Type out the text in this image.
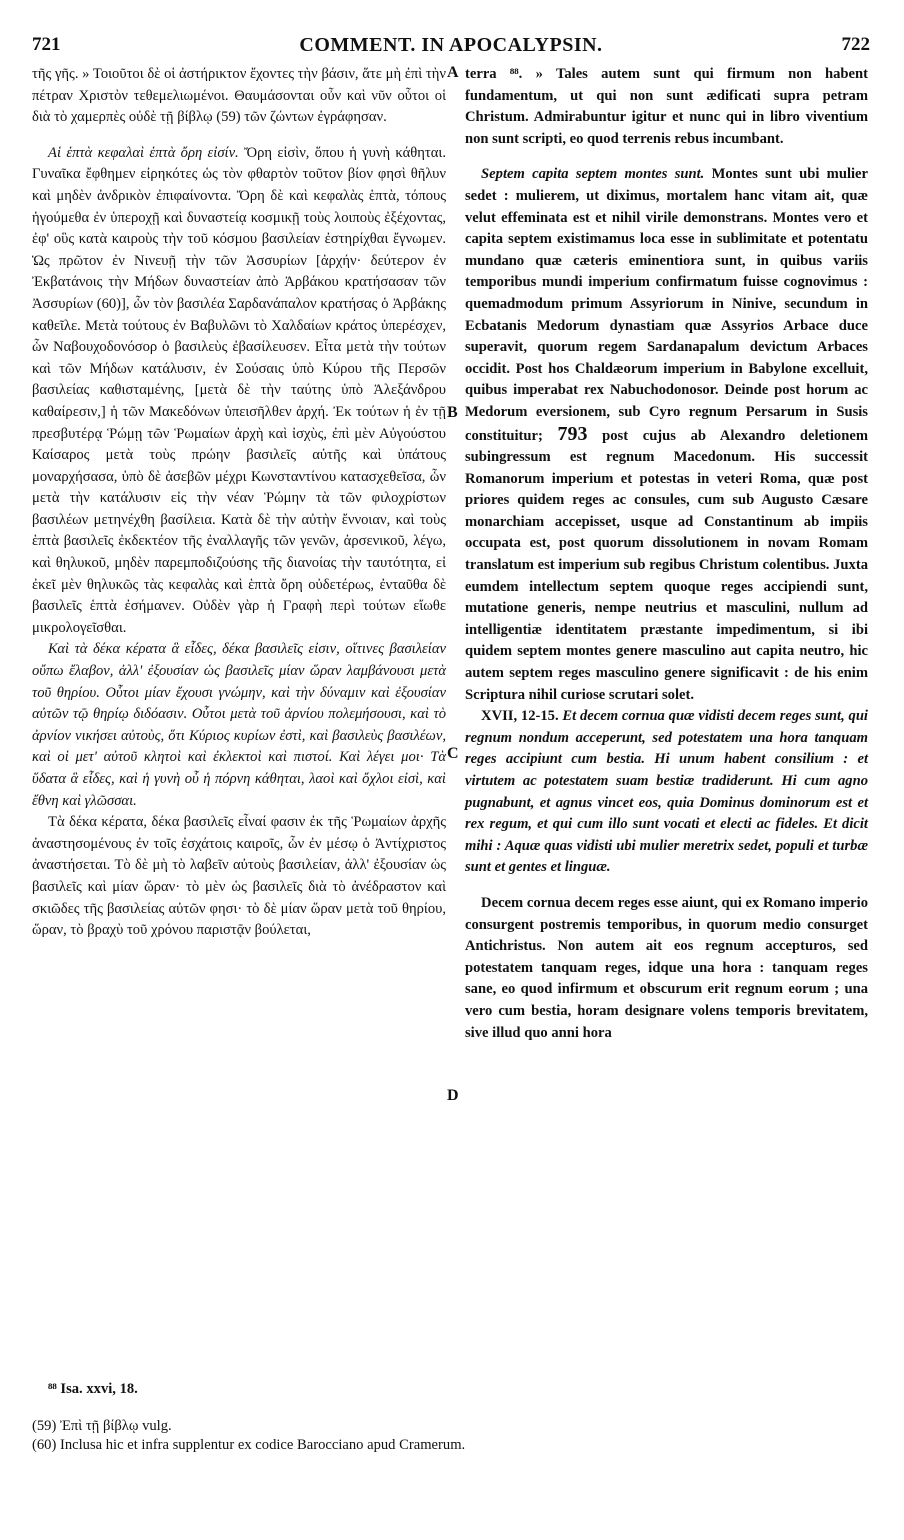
721	COMMENT. IN APOCALYPSIN.	722

τῆς γῆς. » Τοιοῦτοι δὲ οἱ ἀστήρικτον ἔχοντες τὴν βάσιν, ἅτε μὴ ἐπὶ τὴν πέτραν Χριστὸν τεθεμελιωμένοι. Θαυμάσονται οὖν καὶ νῦν οὗτοι οἱ διὰ τὸ χαμερπὲς οὐδὲ τῇ βίβλῳ (59) τῶν ζώντων ἐγράφησαν.

Αἱ ἑπτὰ κεφαλαὶ ἑπτὰ ὄρη εἰσίν. Ὄρη εἰσὶν, ὅπου ἡ γυνὴ κάθηται. Γυναῖκα ἔφθημεν εἰρηκότες ὡς τὸν φθαρτὸν τοῦτον βίον φησὶ θῆλυν καὶ μηδὲν ἀνδρικὸν ἐπιφαίνοντα. Ὄρη δὲ καὶ κεφαλὰς ἑπτὰ, τόπους ἡγούμεθα ἐν ὑπεροχῇ καὶ δυναστείᾳ κοσμικῇ τοὺς λοιποὺς ἐξέχοντας, ἐφ' οὓς κατὰ καιροὺς τὴν τοῦ κόσμου βασιλείαν ἐστηρίχθαι ἔγνωμεν. Ὡς πρῶτον ἐν Νινευῇ τὴν τῶν Ἀσσυρίων [ἀρχήν· δεύτερον ἐν Ἐκβατάνοις τὴν Μήδων δυναστείαν ἀπὸ Ἀρβάκου κρατήσασαν τῶν Ἀσσυρίων (60)], ὧν τὸν βασιλέα Σαρδανάπαλον κρατήσας ὁ Ἀρβάκης καθεῖλε. Μετὰ τούτους ἐν Βαβυλῶνι τὸ Χαλδαίων κράτος ὑπερέσχεν, ὧν Ναβουχοδονόσορ ὁ βασιλεὺς ἐβασίλευσεν. Εἶτα μετὰ τὴν τούτων καὶ τῶν Μήδων κατάλυσιν, ἐν Σούσαις ὑπὸ Κύρου τῆς Περσῶν βασιλείας καθισταμένης, [μετὰ δὲ τὴν ταύτης ὑπὸ Ἀλεξάνδρου καθαίρεσιν,] ἡ τῶν Μακεδόνων ὑπεισῆλθεν ἀρχή. Ἐκ τούτων ἡ ἐν τῇ πρεσβυτέρᾳ Ῥώμῃ τῶν Ῥωμαίων ἀρχὴ καὶ ἰσχὺς, ἐπὶ μὲν Αὐγούστου Καίσαρος μετὰ τοὺς πρώην βασιλεῖς αὐτῆς καὶ ὑπάτους μοναρχήσασα, ὑπὸ δὲ ἀσεβῶν μέχρι Κωνσταντίνου κατασχεθεῖσα, ὧν μετὰ τὴν κατάλυσιν εἰς τὴν νέαν Ῥώμην τὰ τῶν φιλοχρίστων βασιλέων μετηνέχθη βασίλεια. Κατὰ δὲ τὴν αὐτὴν ἔννοιαν, καὶ τοὺς ἑπτὰ βασιλεῖς ἐκδεκτέον τῆς ἐναλλαγῆς τῶν γενῶν, ἀρσενικοῦ, λέγω, καὶ θηλυκοῦ, μηδὲν παρεμποδιζούσης τῆς διανοίας τὴν ταυτότητα, εἰ ἐκεῖ μὲν θηλυκῶς τὰς κεφαλὰς καὶ ἑπτὰ ὄρη οὐδετέρως, ἐνταῦθα δὲ βασιλεῖς ἑπτὰ ἐσήμανεν. Οὐδὲν γὰρ ἡ Γραφὴ περὶ τούτων εἴωθε μικρολογεῖσθαι.

Καὶ τὰ δέκα κέρατα ἃ εἶδες, δέκα βασιλεῖς εἰσιν, οἵτινες βασιλείαν οὔπω ἔλαβον, ἀλλ' ἐξουσίαν ὡς βασιλεῖς μίαν ὥραν λαμβάνουσι μετὰ τοῦ θηρίου. Οὗτοι μίαν ἔχουσι γνώμην, καὶ τὴν δύναμιν καὶ ἐξουσίαν αὐτῶν τῷ θηρίῳ διδόασιν. Οὗτοι μετὰ τοῦ ἀρνίου πολεμήσουσι, καὶ τὸ ἀρνίον νικήσει αὐτοὺς, ὅτι Κύριος κυρίων ἐστὶ, καὶ βασιλεὺς βασιλέων, καὶ οἱ μετ' αὐτοῦ κλητοὶ καὶ ἐκλεκτοὶ καὶ πιστοί. Καὶ λέγει μοι· Τὰ ὕδατα ἃ εἶδες, καὶ ἡ γυνὴ οὗ ἡ πόρνη κάθηται, λαοὶ καὶ ὄχλοι εἰσὶ, καὶ ἔθνη καὶ γλῶσσαι.

Τὰ δέκα κέρατα, δέκα βασιλεῖς εἶναί φασιν ἐκ τῆς Ῥωμαίων ἀρχῆς ἀναστησομένους ἐν τοῖς ἐσχάτοις καιροῖς, ὧν ἐν μέσῳ ὁ Ἀντίχριστος ἀναστήσεται. Τὸ δὲ μὴ τὸ λαβεῖν αὐτοὺς βασιλείαν, ἀλλ' ἐξουσίαν ὡς βασιλεῖς καὶ μίαν ὥραν· τὸ μὲν ὡς βασιλεῖς διὰ τὸ ἀνέδραστον καὶ σκιῶδες τῆς βασιλείας αὐτῶν φησι· τὸ δὲ μίαν ὥραν μετὰ τοῦ θηρίου, ὥραν, τὸ βραχὺ τοῦ χρόνου παριστᾷν βούλεται,

terra ⁸⁸. » Tales autem sunt qui firmum non habent fundamentum, ut qui non sunt ædificati supra petram Christum. Admirabuntur igitur et nunc qui in libro viventium non sunt scripti, eo quod terrenis rebus incumbant.

Septem capita septem montes sunt. Montes sunt ubi mulier sedet : mulierem, ut diximus, mortalem hanc vitam ait, quæ velut effeminata est et nihil virile demonstrans. Montes vero et capita septem existimamus loca esse in sublimitate et potentatu mundano quæ cæteris eminentiora sunt, in quibus variis temporibus mundi imperium confirmatum fuisse cognovimus : quemadmodum primum Assyriorum in Ninive, secundum in Ecbatanis Medorum dynastiam quæ Assyrios Arbace duce superavit, quorum regem Sardanapalum devictum Arbaces occidit. Post hos Chaldæorum imperium in Babylone excelluit, quibus imperabat rex Nabuchodonosor. Deinde post horum ac Medorum eversionem, sub Cyro regnum Persarum in Susis constituitur; 793 post cujus ab Alexandro deletionem subingressum est regnum Macedonum. His successit Romanorum imperium et potestas in veteri Roma, quæ post priores quidem reges ac consules, cum sub Augusto Cæsare monarchiam accepisset, usque ad Constantinum ab impiis occupata est, post quorum dissolutionem in novam Romam translatum est imperium sub regibus Christum colentibus. Juxta eumdem intellectum septem quoque reges accipiendi sunt, mutatione generis, nempe neutrius et masculini, nullum ad intelligentiæ identitatem præstante impedimentum, si ibi quidem septem montes genere masculino aut capita neutro, hic autem septem reges masculino genere significavit : de his enim Scriptura nihil curiose scrutari solet.

XVII, 12-15. Et decem cornua quæ vidisti decem reges sunt, qui regnum nondum acceperunt, sed potestatem una hora tanquam reges accipiunt cum bestia. Hi unum habent consilium : et virtutem ac potestatem suam bestiæ tradiderunt. Hi cum agno pugnabunt, et agnus vincet eos, quia Dominus dominorum est et rex regum, et qui cum illo sunt vocati et electi ac fideles. Et dicit mihi : Aquæ quas vidisti ubi mulier meretrix sedet, populi et turbæ sunt et gentes et linguæ.

Decem cornua decem reges esse aiunt, qui ex Romano imperio consurgent postremis temporibus, in quorum medio consurget Antichristus. Non autem ait eos regnum accepturos, sed potestatem tanquam reges, idque una hora : tanquam reges sane, eo quod infirmum et obscurum erit regnum eorum ; una vero cum bestia, horam designare volens temporis brevitatem, sive illud quo anni hora

A
B
C
D
⁸⁸ Isa. xxvi, 18.
(59) Ἐπὶ τῇ βίβλῳ vulg.
(60) Inclusa hic et infra supplentur ex codice Barocciano apud Cramerum.
